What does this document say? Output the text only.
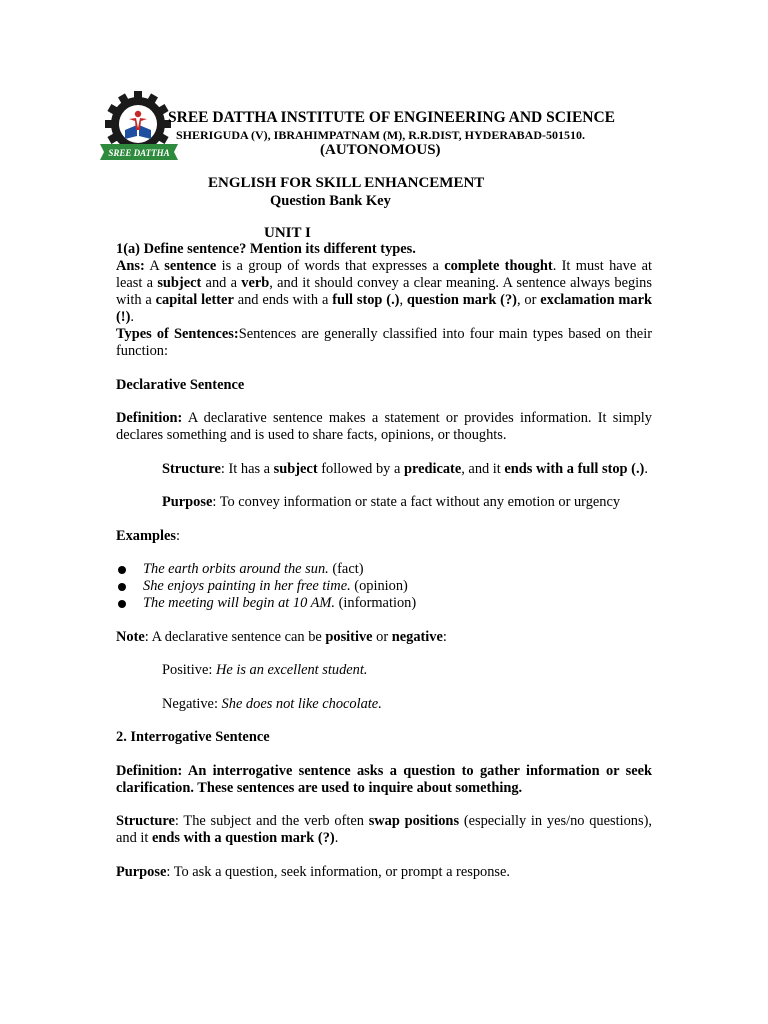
SREE DATTHA
SREE DATTHA INSTITUTE OF ENGINEERING AND SCIENCE
SHERIGUDA (V), IBRAHIMPATNAM (M), R.R.DIST, HYDERABAD-501510.
(AUTONOMOUS)
ENGLISH FOR SKILL ENHANCEMENT
Question Bank Key
UNIT I

1(a) Define sentence? Mention its different types.

Ans: A sentence is a group of words that expresses a complete thought. It must have at least a subject and a verb, and it should convey a clear meaning. A sentence always begins with a capital letter and ends with a full stop (.), question mark (?), or exclamation mark (!).

Types of Sentences:Sentences are generally classified into four main types based on their function:

Declarative Sentence

Definition: A declarative sentence makes a statement or provides information. It simply declares something and is used to share facts, opinions, or thoughts.

Structure: It has a subject followed by a predicate, and it ends with a full stop (.).

Purpose: To convey information or state a fact without any emotion or urgency

Examples:

The earth orbits around the sun. (fact)
She enjoys painting in her free time. (opinion)
The meeting will begin at 10 AM. (information)

Note: A declarative sentence can be positive or negative:

Positive: He is an excellent student.

Negative: She does not like chocolate.

2. Interrogative Sentence

Definition: An interrogative sentence asks a question to gather information or seek clarification. These sentences are used to inquire about something.

Structure: The subject and the verb often swap positions (especially in yes/no questions), and it ends with a question mark (?).

Purpose: To ask a question, seek information, or prompt a response.
